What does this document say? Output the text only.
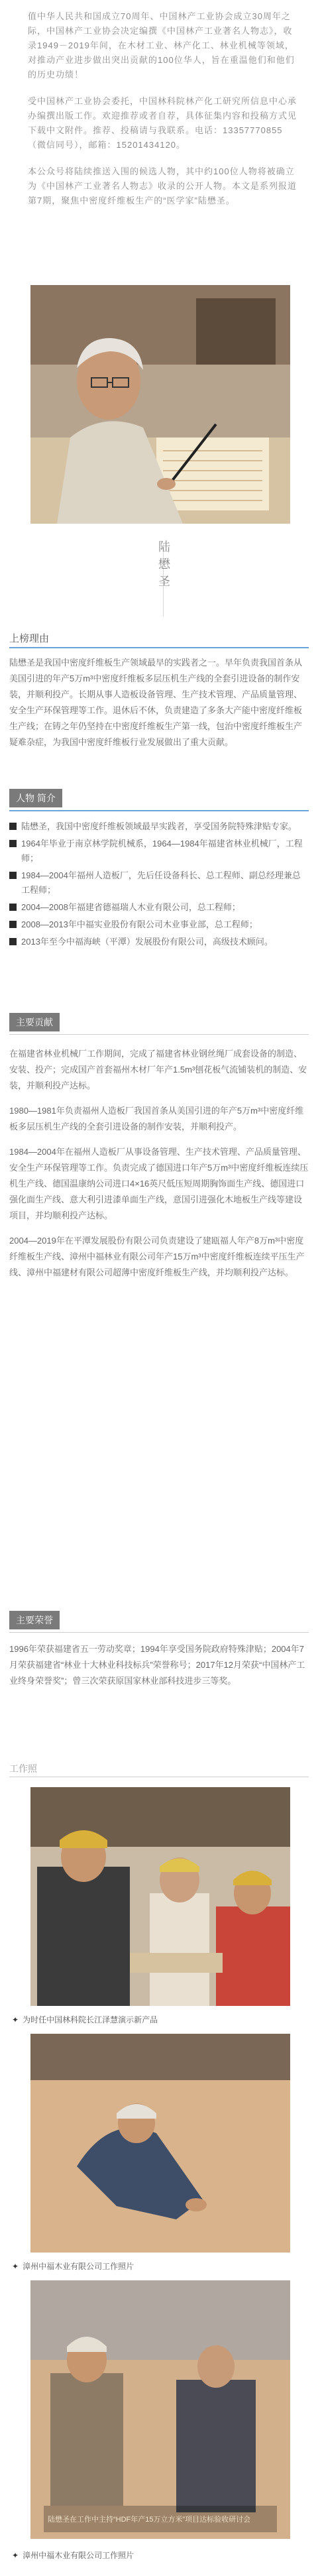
值中华人民共和国成立70周年、中国林产工业协会成立30周年之际，中国林产工业协会决定编撰《中国林产工业著名人物志》，收录1949－2019年间，在木材工业、林产化工、林业机械等领域，对推动产业进步做出突出贡献的100位华人，旨在重温他们和他们的历史功绩！

受中国林产工业协会委托，中国林科院林产化工研究所信息中心承办编撰出版工作。欢迎推荐或者自荐，具体征集内容和投稿方式见下载中文附件。推荐、投稿请与我联系。电话：13357770855（微信同号），邮箱：15201434120。

本公众号将陆续推送入围的候选人物，其中约100位人物将被确立为《中国林产工业著名人物志》收录的公开人物。本文是系列报道第7期，聚焦中密度纤维板生产的“医学家”陆懋圣。

陆懋圣
上榜理由
陆懋圣是我国中密度纤维板生产领域最早的实践者之一。早年负责我国首条从美国引进的年产5万m³中密度纤维板多层压机生产线的全套引进设备的制作安装，并顺利投产。长期从事人造板设备管理、生产技术管理、产品质量管理、安全生产环保管理等工作。退休后不休，负责建造了多条大产能中密度纤维板生产线；在铸之年仍坚持在中密度纤维板生产第一线，包治中密度纤维板生产疑难杂症，为我国中密度纤维板行业发展做出了重大贡献。
人物 简介
陆懋圣，我国中密度纤维板领域最早实践者，享受国务院特殊津贴专家。
1964年毕业于南京林学院机械系，1964—1984年福建省林业机械厂，工程师；
1984—2004年福州人造板厂，先后任设备科长、总工程师、副总经理兼总工程师；
2004—2008年福建省德福瑞人木业有限公司，总工程师；
2008—2013年中福实业股份有限公司木业事业部，总工程师；
2013年至今中福海峡（平潭）发展股份有限公司，高级技术顾问。
主要贡献

在福建省林业机械厂工作期间，完成了福建省林业钢丝绳厂成套设备的制造、安装、投产；完成国产首套福州木材厂年产1.5m³刨花板气流铺装机的制造、安装，并顺利投产达标。

1980—1981年负责福州人造板厂我国首条从美国引进的年产5万m³中密度纤维板多层压机生产线的全套引进设备的制作安装，并顺利投产。

1984—2004年在福州人造板厂从事设备管理、生产技术管理、产品质量管理、安全生产环保管理等工作。负责完成了德国进口年产5万m³中密度纤维板连续压机生产线、德国温康纳公司进口4×16英尺低压短周期胸饰面生产线、德国进口强化面生产线、意大利引进漆单面生产线，意国引进强化木地板生产线等建设项目，并均顺利投产达标。

2004—2019年在平潭发展股份有限公司负责建设了建瓯福人年产8万m³中密度纤维板生产线、漳州中福林业有限公司年产15万m³中密度纤维板连续平压生产线、漳州中福建材有限公司超薄中密度纤维板生产线，并均顺利投产达标。

主要荣誉
1996年荣获福建省五一劳动奖章；1994年享受国务院政府特殊津贴；2004年7月荣获福建省“林业十大林业科技标兵”荣誉称号；2017年12月荣获“中国林产工业终身荣誉奖”；曾三次荣获原国家林业部科技进步三等奖。
工作照
✦ 为时任中国林科院长江泽慧演示新产品
✦ 漳州中福木业有限公司工作照片
陆懋圣在工作中主持“HDF年产15万立方米”项目达标验收研讨会
✦ 漳州中福木业有限公司工作照片
